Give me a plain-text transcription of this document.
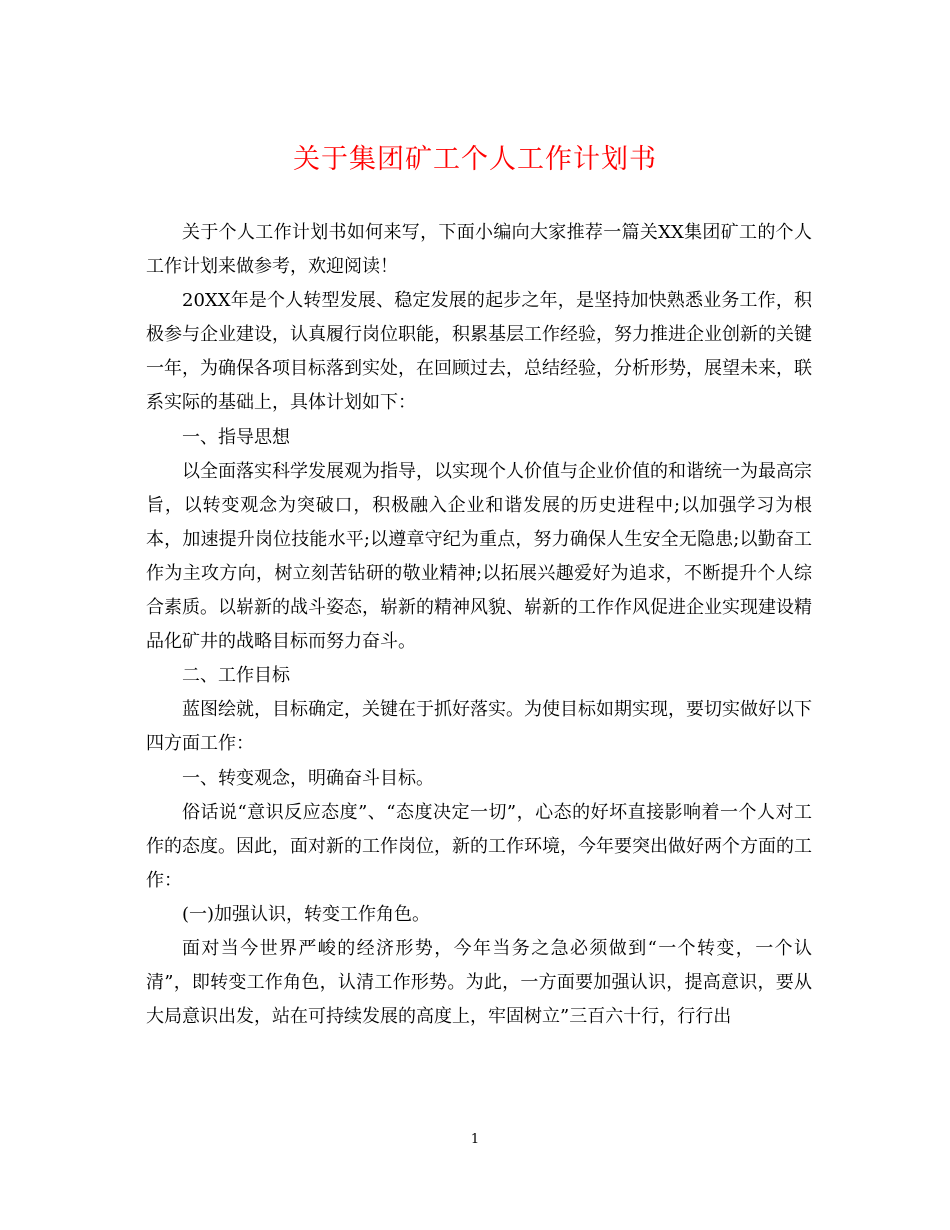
关于集团矿工个人工作计划书

关于个人工作计划书如何来写，下面小编向大家推荐一篇关XX集团矿工的个人工作计划来做参考，欢迎阅读！

20XX年是个人转型发展、稳定发展的起步之年，是坚持加快熟悉业务工作，积极参与企业建设，认真履行岗位职能，积累基层工作经验，努力推进企业创新的关键一年，为确保各项目标落到实处，在回顾过去，总结经验，分析形势，展望未来，联系实际的基础上，具体计划如下：

一、指导思想

以全面落实科学发展观为指导，以实现个人价值与企业价值的和谐统一为最高宗旨，以转变观念为突破口，积极融入企业和谐发展的历史进程中;以加强学习为根本，加速提升岗位技能水平;以遵章守纪为重点，努力确保人生安全无隐患;以勤奋工作为主攻方向，树立刻苦钻研的敬业精神;以拓展兴趣爱好为追求，不断提升个人综合素质。以崭新的战斗姿态，崭新的精神风貌、崭新的工作作风促进企业实现建设精品化矿井的战略目标而努力奋斗。

二、工作目标

蓝图绘就，目标确定，关键在于抓好落实。为使目标如期实现，要切实做好以下四方面工作：

一、转变观念，明确奋斗目标。

俗话说“意识反应态度”、“态度决定一切”，心态的好坏直接影响着一个人对工作的态度。因此，面对新的工作岗位，新的工作环境，今年要突出做好两个方面的工作：

(一)加强认识，转变工作角色。

面对当今世界严峻的经济形势，今年当务之急必须做到“一个转变，一个认清”，即转变工作角色，认清工作形势。为此，一方面要加强认识，提高意识，要从大局意识出发，站在可持续发展的高度上，牢固树立”三百六十行，行行出

1
